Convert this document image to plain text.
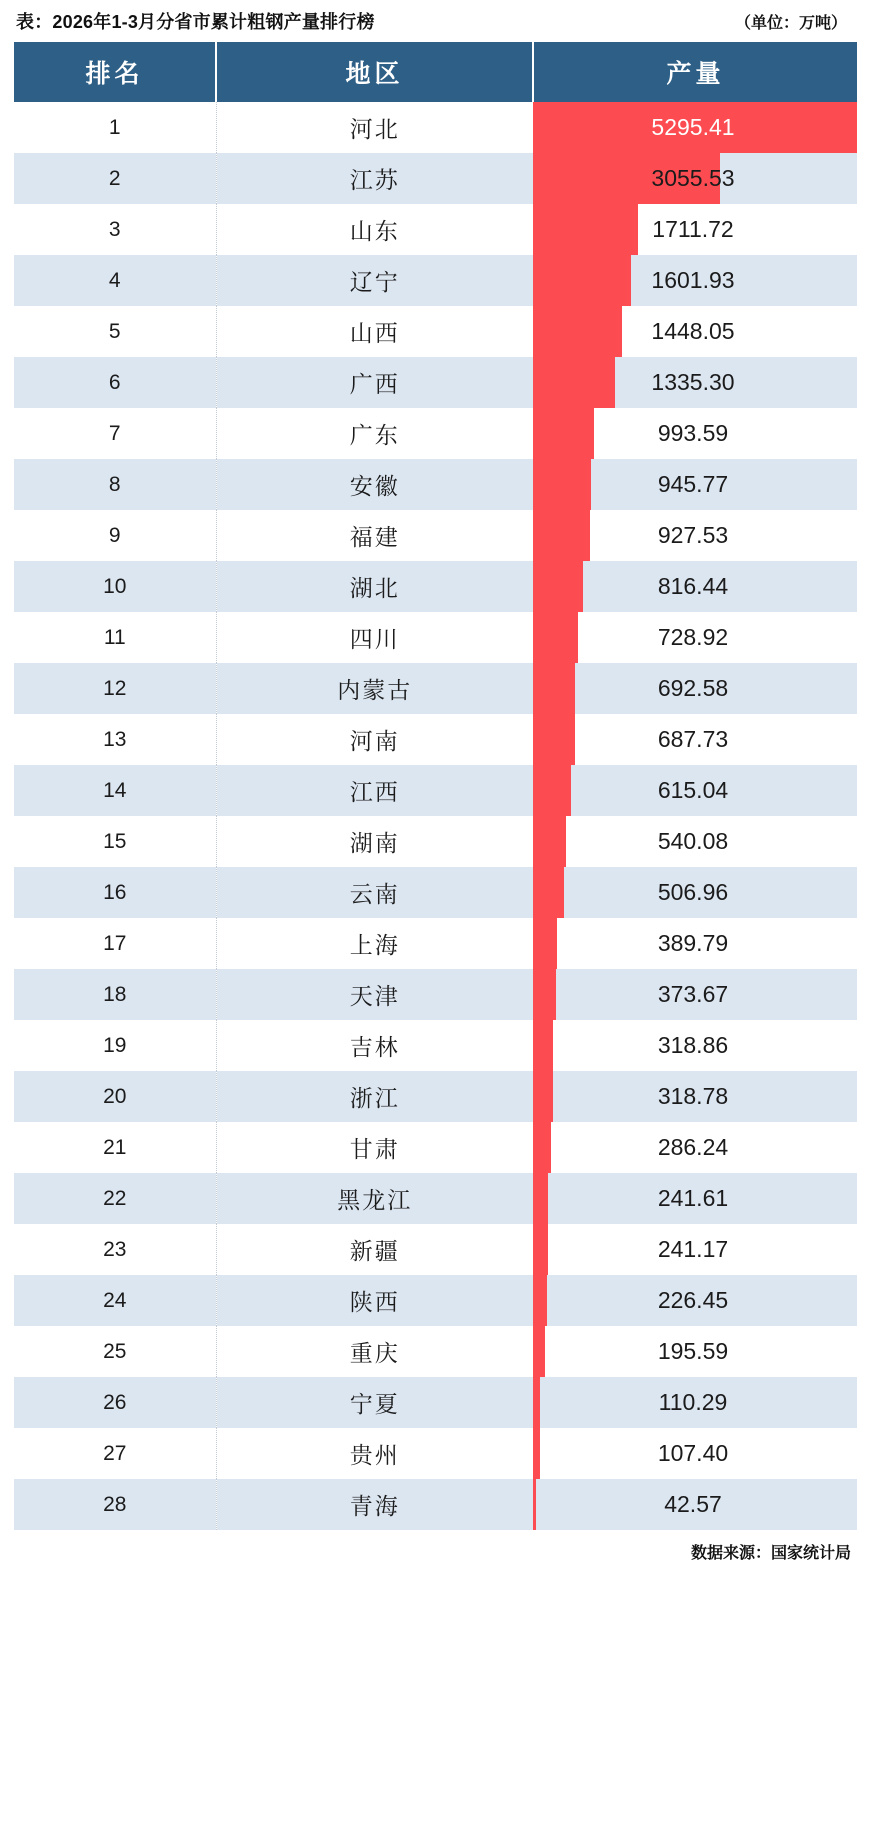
表：2026年1-3月分省市累计粗钢产量排行榜	（单位：万吨）
排名	地区	产量
1	河北	5295.41

2	江苏	3055.53

3	山东	1711.72

4	辽宁	1601.93

5	山西	1448.05

6	广西	1335.30

7	广东	993.59

8	安徽	945.77

9	福建	927.53

10	湖北	816.44

11	四川	728.92

12	内蒙古	692.58

13	河南	687.73

14	江西	615.04

15	湖南	540.08

16	云南	506.96

17	上海	389.79

18	天津	373.67

19	吉林	318.86

20	浙江	318.78

21	甘肃	286.24

22	黑龙江	241.61

23	新疆	241.17

24	陕西	226.45

25	重庆	195.59

26	宁夏	110.29

27	贵州	107.40

28	青海	42.57
数据来源：国家统计局
